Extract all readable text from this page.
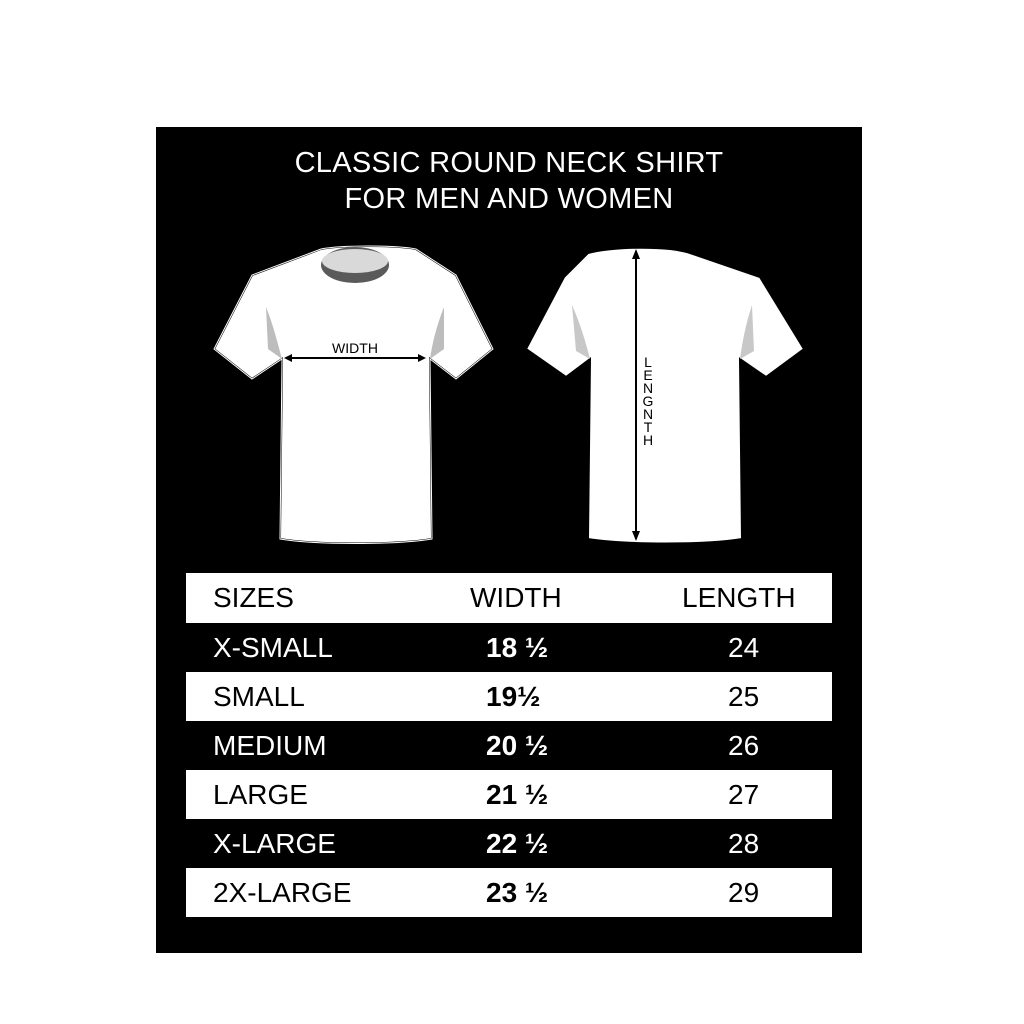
CLASSIC ROUND NECK SHIRT
FOR MEN AND WOMEN
WIDTH
L E N G N T H
SIZES	WIDTH	LENGTH
X-SMALL	18 ½	24
SMALL	19½	25
MEDIUM	20 ½	26
LARGE	21 ½	27
X-LARGE	22 ½	28
2X-LARGE	23 ½	29
